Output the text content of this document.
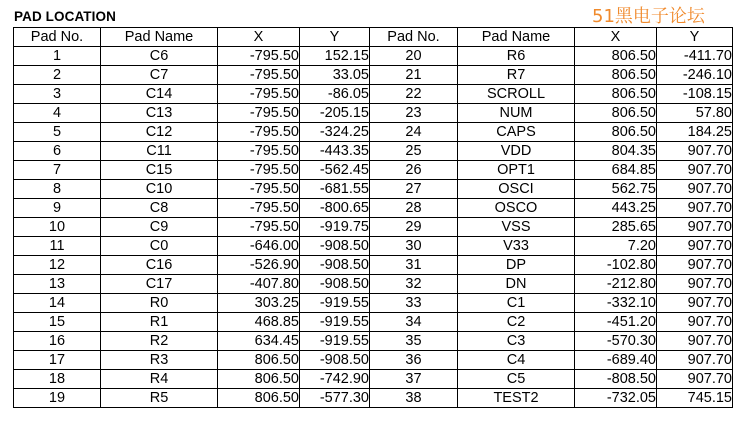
PAD LOCATION	51黑电子论坛
Pad No.	Pad Name	X	Y	Pad No.	Pad Name	X	Y
1	C6	-795.50	152.15	20	R6	806.50	-411.70
2	C7	-795.50	33.05	21	R7	806.50	-246.10
3	C14	-795.50	-86.05	22	SCROLL	806.50	-108.15
4	C13	-795.50	-205.15	23	NUM	806.50	57.80
5	C12	-795.50	-324.25	24	CAPS	806.50	184.25
6	C11	-795.50	-443.35	25	VDD	804.35	907.70
7	C15	-795.50	-562.45	26	OPT1	684.85	907.70
8	C10	-795.50	-681.55	27	OSCI	562.75	907.70
9	C8	-795.50	-800.65	28	OSCO	443.25	907.70
10	C9	-795.50	-919.75	29	VSS	285.65	907.70
11	C0	-646.00	-908.50	30	V33	7.20	907.70
12	C16	-526.90	-908.50	31	DP	-102.80	907.70
13	C17	-407.80	-908.50	32	DN	-212.80	907.70
14	R0	303.25	-919.55	33	C1	-332.10	907.70
15	R1	468.85	-919.55	34	C2	-451.20	907.70
16	R2	634.45	-919.55	35	C3	-570.30	907.70
17	R3	806.50	-908.50	36	C4	-689.40	907.70
18	R4	806.50	-742.90	37	C5	-808.50	907.70
19	R5	806.50	-577.30	38	TEST2	-732.05	745.15
